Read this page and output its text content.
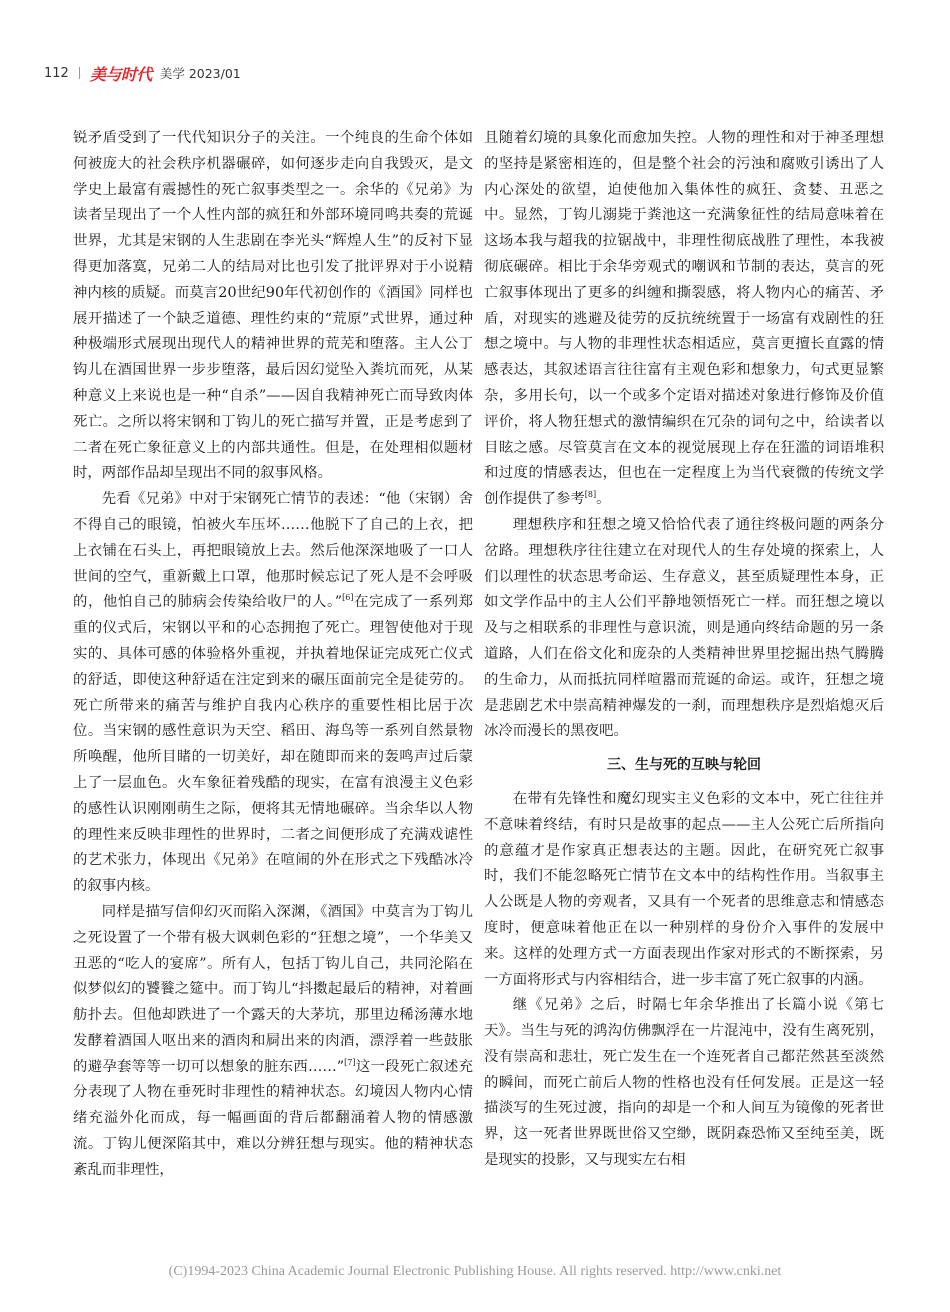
112 美与时代 美学 2023/01

锐矛盾受到了一代代知识分子的关注。一个纯良的生命个体如何被庞大的社会秩序机器碾碎，如何逐步走向自我毁灭，是文学史上最富有震撼性的死亡叙事类型之一。余华的《兄弟》为读者呈现出了一个人性内部的疯狂和外部环境同鸣共奏的荒诞世界，尤其是宋钢的人生悲剧在李光头“辉煌人生”的反衬下显得更加落寞，兄弟二人的结局对比也引发了批评界对于小说精神内核的质疑。而莫言20世纪90年代初创作的《酒国》同样也展开描述了一个缺乏道德、理性约束的“荒原”式世界，通过种种极端形式展现出现代人的精神世界的荒芜和堕落。主人公丁钩儿在酒国世界一步步堕落，最后因幻觉坠入粪坑而死，从某种意义上来说也是一种“自杀”——因自我精神死亡而导致肉体死亡。之所以将宋钢和丁钩儿的死亡描写并置，正是考虑到了二者在死亡象征意义上的内部共通性。但是，在处理相似题材时，两部作品却呈现出不同的叙事风格。

先看《兄弟》中对于宋钢死亡情节的表述：“他（宋钢）舍不得自己的眼镜，怕被火车压坏……他脱下了自己的上衣，把上衣铺在石头上，再把眼镜放上去。然后他深深地吸了一口人世间的空气，重新戴上口罩，他那时候忘记了死人是不会呼吸的，他怕自己的肺病会传染给收尸的人。”[6]在完成了一系列郑重的仪式后，宋钢以平和的心态拥抱了死亡。理智使他对于现实的、具体可感的体验格外重视，并执着地保证完成死亡仪式的舒适，即使这种舒适在注定到来的碾压面前完全是徒劳的。死亡所带来的痛苦与维护自我内心秩序的重要性相比居于次位。当宋钢的感性意识为天空、稻田、海鸟等一系列自然景物所唤醒，他所目睹的一切美好，却在随即而来的轰鸣声过后蒙上了一层血色。火车象征着残酷的现实，在富有浪漫主义色彩的感性认识刚刚萌生之际，便将其无情地碾碎。当余华以人物的理性来反映非理性的世界时，二者之间便形成了充满戏谑性的艺术张力，体现出《兄弟》在喧闹的外在形式之下残酷冰冷的叙事内核。

同样是描写信仰幻灭而陷入深渊，《酒国》中莫言为丁钩儿之死设置了一个带有极大讽刺色彩的“狂想之境”，一个华美又丑恶的“吃人的宴席”。所有人，包括丁钩儿自己，共同沦陷在似梦似幻的饕餮之筵中。而丁钩儿“抖擞起最后的精神，对着画舫扑去。但他却跌进了一个露天的大茅坑，那里边稀汤薄水地发酵着酒国人呕出来的酒肉和屙出来的肉酒，漂浮着一些鼓胀的避孕套等等一切可以想象的脏东西……”[7]这一段死亡叙述充分表现了人物在垂死时非理性的精神状态。幻境因人物内心情绪充溢外化而成，每一幅画面的背后都翻涌着人物的情感激流。丁钩儿便深陷其中，难以分辨狂想与现实。他的精神状态紊乱而非理性，

且随着幻境的具象化而愈加失控。人物的理性和对于神圣理想的坚持是紧密相连的，但是整个社会的污浊和腐败引诱出了人内心深处的欲望，迫使他加入集体性的疯狂、贪婪、丑恶之中。显然，丁钩儿溺毙于粪池这一充满象征性的结局意味着在这场本我与超我的拉锯战中，非理性彻底战胜了理性，本我被彻底碾碎。相比于余华旁观式的嘲讽和节制的表达，莫言的死亡叙事体现出了更多的纠缠和撕裂感，将人物内心的痛苦、矛盾，对现实的逃避及徒劳的反抗统统置于一场富有戏剧性的狂想之境中。与人物的非理性状态相适应，莫言更擅长直露的情感表达，其叙述语言往往富有主观色彩和想象力，句式更显繁杂，多用长句，以一个或多个定语对描述对象进行修饰及价值评价，将人物狂想式的激情编织在冗杂的词句之中，给读者以目眩之感。尽管莫言在文本的视觉展现上存在狂滥的词语堆积和过度的情感表达，但也在一定程度上为当代衰微的传统文学创作提供了参考[8]。

理想秩序和狂想之境又恰恰代表了通往终极问题的两条分岔路。理想秩序往往建立在对现代人的生存处境的探索上，人们以理性的状态思考命运、生存意义，甚至质疑理性本身，正如文学作品中的主人公们平静地领悟死亡一样。而狂想之境以及与之相联系的非理性与意识流，则是通向终结命题的另一条道路，人们在俗文化和庞杂的人类精神世界里挖掘出热气腾腾的生命力，从而抵抗同样喧嚣而荒诞的命运。或许，狂想之境是悲剧艺术中崇高精神爆发的一刹，而理想秩序是烈焰熄灭后冰冷而漫长的黑夜吧。

三、生与死的互映与轮回

在带有先锋性和魔幻现实主义色彩的文本中，死亡往往并不意味着终结，有时只是故事的起点——主人公死亡后所指向的意蕴才是作家真正想表达的主题。因此，在研究死亡叙事时，我们不能忽略死亡情节在文本中的结构性作用。当叙事主人公既是人物的旁观者，又具有一个死者的思维意志和情感态度时，便意味着他正在以一种别样的身份介入事件的发展中来。这样的处理方式一方面表现出作家对形式的不断探索，另一方面将形式与内容相结合，进一步丰富了死亡叙事的内涵。

继《兄弟》之后，时隔七年余华推出了长篇小说《第七天》。当生与死的鸿沟仿佛飘浮在一片混沌中，没有生离死别，没有崇高和悲壮，死亡发生在一个连死者自己都茫然甚至淡然的瞬间，而死亡前后人物的性格也没有任何发展。正是这一轻描淡写的生死过渡，指向的却是一个和人间互为镜像的死者世界，这一死者世界既世俗又空缈，既阴森恐怖又至纯至美，既是现实的投影，又与现实左右相

(C)1994-2023 China Academic Journal Electronic Publishing House. All rights reserved. http://www.cnki.net
